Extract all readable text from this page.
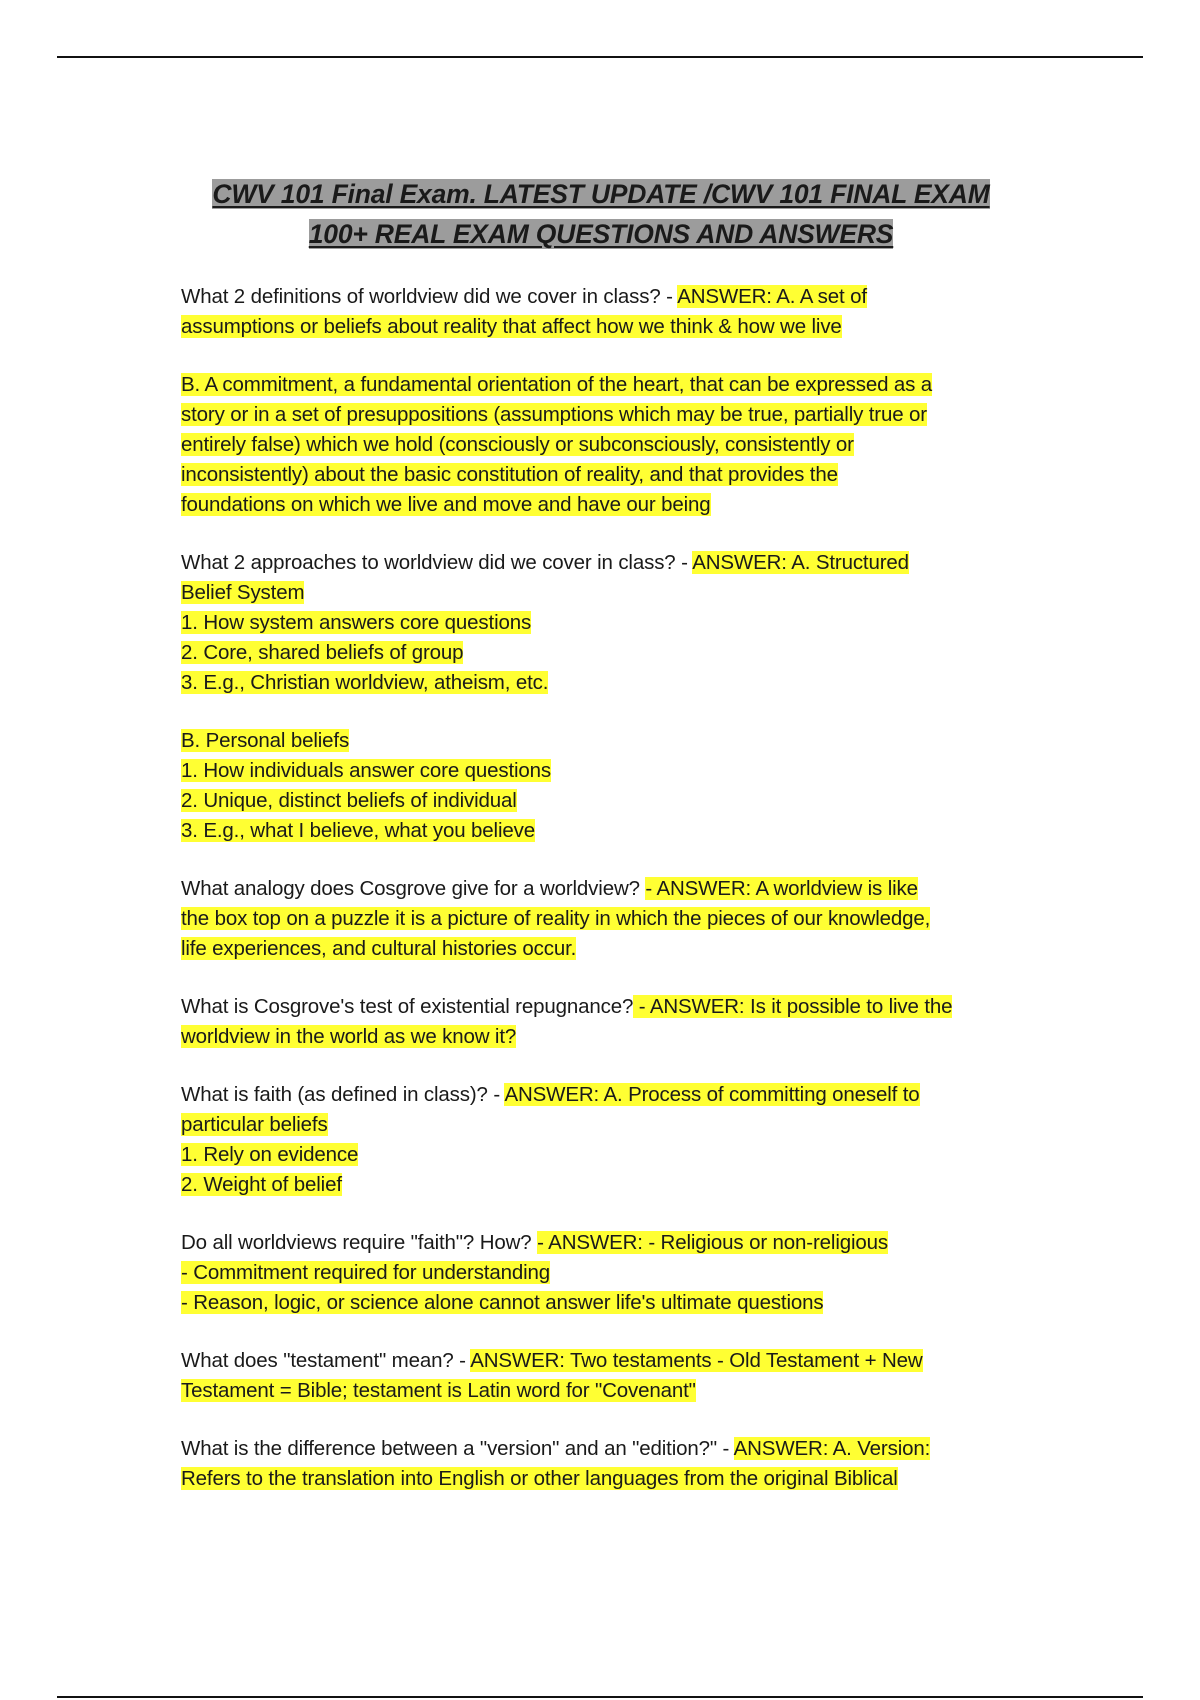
CWV 101 Final Exam. LATEST UPDATE /CWV 101 FINAL EXAM
100+ REAL EXAM QUESTIONS AND ANSWERS

What 2 definitions of worldview did we cover in class? - ANSWER: A. A set of

assumptions or beliefs about reality that affect how we think & how we live

B. A commitment, a fundamental orientation of the heart, that can be expressed as a

story or in a set of presuppositions (assumptions which may be true, partially true or

entirely false) which we hold (consciously or subconsciously, consistently or

inconsistently) about the basic constitution of reality, and that provides the

foundations on which we live and move and have our being

What 2 approaches to worldview did we cover in class? - ANSWER: A. Structured

Belief System

1. How system answers core questions

2. Core, shared beliefs of group

3. E.g., Christian worldview, atheism, etc.

B. Personal beliefs

1. How individuals answer core questions

2. Unique, distinct beliefs of individual

3. E.g., what I believe, what you believe

What analogy does Cosgrove give for a worldview? - ANSWER: A worldview is like

the box top on a puzzle it is a picture of reality in which the pieces of our knowledge,

life experiences, and cultural histories occur.

What is Cosgrove's test of existential repugnance? - ANSWER: Is it possible to live the

worldview in the world as we know it?

What is faith (as defined in class)? - ANSWER: A. Process of committing oneself to

particular beliefs

1. Rely on evidence

2. Weight of belief

Do all worldviews require "faith"? How? - ANSWER: - Religious or non-religious

- Commitment required for understanding

- Reason, logic, or science alone cannot answer life's ultimate questions

What does "testament" mean? - ANSWER: Two testaments - Old Testament + New

Testament = Bible; testament is Latin word for "Covenant"

What is the difference between a "version" and an "edition?" - ANSWER: A. Version:

Refers to the translation into English or other languages from the original Biblical
